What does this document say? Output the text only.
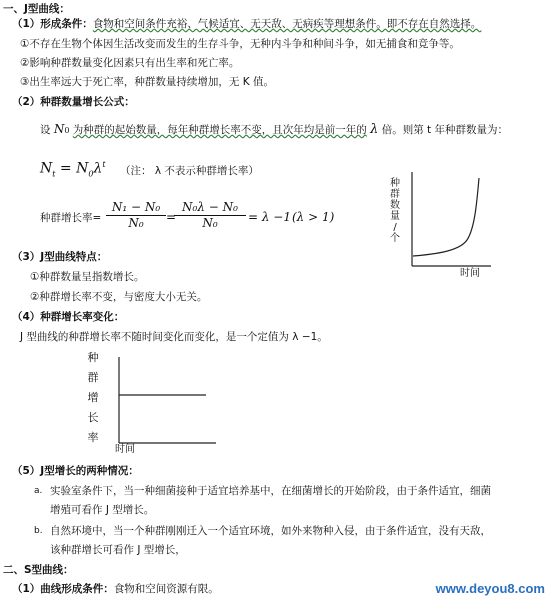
一、J型曲线：
（1）形成条件：食物和空间条件充裕、气候适宜、无天敌、无病疾等理想条件。即不存在自然选择。
①不存在生物个体因生活改变而发生的生存斗争，无种内斗争和种间斗争，如无捕食和竞争等。
②影响种群数量变化因素只有出生率和死亡率。
③出生率远大于死亡率，种群数量持续增加，无 K 值。
（2）种群数量增长公式：
设 N0 为种群的起始数量，每年种群增长率不变，且次年均是前一年的 λ 倍。则第 t 年种群数量为：
$N_t = N_0\lambda^t$
（注： λ 不表示种群增长率）
种群增长率= $\frac{\text{N₁ − N₀}}{\text{N₀}}$ =
$\frac{\text{N₀λ − N₀}}{\text{N₀}} = \lambda -1$ (λ > 1)
种
群
数
量
/
个
时间
（3）J型曲线特点：
①种群数量呈指数增长。
②种群增长率不变，与密度大小无关。
（4）种群增长率变化：
J 型曲线的种群增长率不随时间变化而变化，是一个定值为 λ −1。
种
群
增
长
率
时间
（5）J型增长的两种情况：
a. 实验室条件下，当一种细菌接种于适宜培养基中，在细菌增长的开始阶段，由于条件适宜，细菌
增殖可看作 J 型增长。
b. 自然环境中，当一个种群刚刚迁入一个适宜环境，如外来物种入侵，由于条件适宜，没有天敌，
该种群增长可看作 J 型增长，
二、S型曲线：
（1）曲线形成条件：食物和空间资源有限。	www.deyou8.com
